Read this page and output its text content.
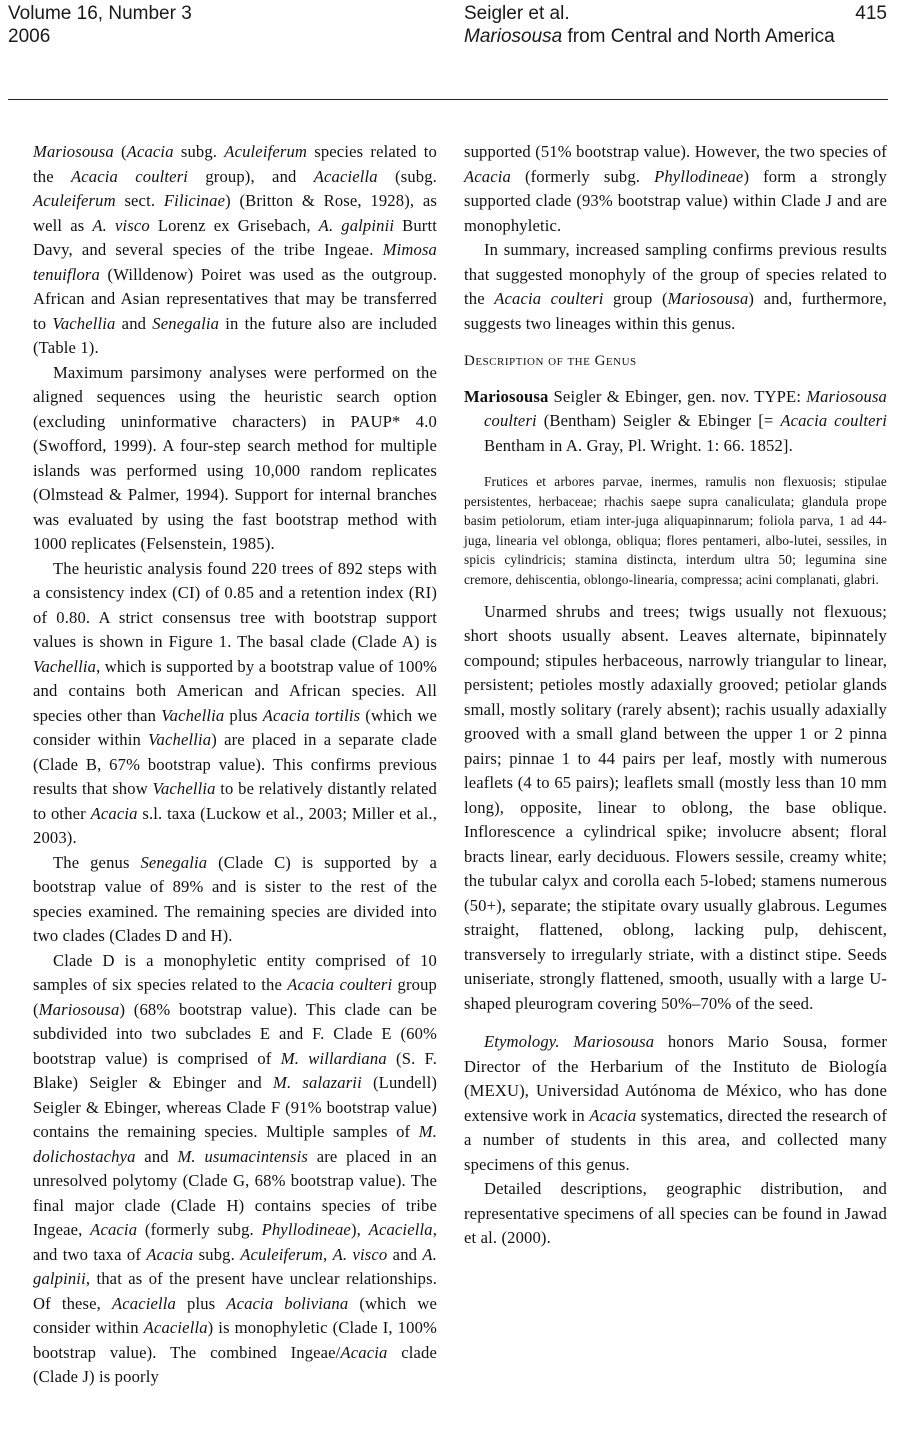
Volume 16, Number 3
2006
Seigler et al.	415
Mariosousa from Central and North America

Mariosousa (Acacia subg. Aculeiferum species related to the Acacia coulteri group), and Acaciella (subg. Aculeiferum sect. Filicinae) (Britton & Rose, 1928), as well as A. visco Lorenz ex Grisebach, A. galpinii Burtt Davy, and several species of the tribe Ingeae. Mimosa tenuiflora (Willdenow) Poiret was used as the outgroup. African and Asian representatives that may be transferred to Vachellia and Senegalia in the future also are included (Table 1).

Maximum parsimony analyses were performed on the aligned sequences using the heuristic search option (excluding uninformative characters) in PAUP* 4.0 (Swofford, 1999). A four-step search method for multiple islands was performed using 10,000 random replicates (Olmstead & Palmer, 1994). Support for internal branches was evaluated by using the fast bootstrap method with 1000 replicates (Felsenstein, 1985).

The heuristic analysis found 220 trees of 892 steps with a consistency index (CI) of 0.85 and a retention index (RI) of 0.80. A strict consensus tree with bootstrap support values is shown in Figure 1. The basal clade (Clade A) is Vachellia, which is supported by a bootstrap value of 100% and contains both American and African species. All species other than Vachellia plus Acacia tortilis (which we consider within Vachellia) are placed in a separate clade (Clade B, 67% bootstrap value). This confirms previous results that show Vachellia to be relatively distantly related to other Acacia s.l. taxa (Luckow et al., 2003; Miller et al., 2003).

The genus Senegalia (Clade C) is supported by a bootstrap value of 89% and is sister to the rest of the species examined. The remaining species are divided into two clades (Clades D and H).

Clade D is a monophyletic entity comprised of 10 samples of six species related to the Acacia coulteri group (Mariosousa) (68% bootstrap value). This clade can be subdivided into two subclades E and F. Clade E (60% bootstrap value) is comprised of M. willardiana (S. F. Blake) Seigler & Ebinger and M. salazarii (Lundell) Seigler & Ebinger, whereas Clade F (91% bootstrap value) contains the remaining species. Multiple samples of M. dolichostachya and M. usumacintensis are placed in an unresolved polytomy (Clade G, 68% bootstrap value). The final major clade (Clade H) contains species of tribe Ingeae, Acacia (formerly subg. Phyllodineae), Acaciella, and two taxa of Acacia subg. Aculeiferum, A. visco and A. galpinii, that as of the present have unclear relationships. Of these, Acaciella plus Acacia boliviana (which we consider within Acaciella) is monophyletic (Clade I, 100% bootstrap value). The combined Ingeae/Acacia clade (Clade J) is poorly

supported (51% bootstrap value). However, the two species of Acacia (formerly subg. Phyllodineae) form a strongly supported clade (93% bootstrap value) within Clade J and are monophyletic.

In summary, increased sampling confirms previous results that suggested monophyly of the group of species related to the Acacia coulteri group (Mariosousa) and, furthermore, suggests two lineages within this genus.

Description of the Genus

Mariosousa Seigler & Ebinger, gen. nov. TYPE: Mariosousa coulteri (Bentham) Seigler & Ebinger [= Acacia coulteri Bentham in A. Gray, Pl. Wright. 1: 66. 1852].

Frutices et arbores parvae, inermes, ramulis non flexuosis; stipulae persistentes, herbaceae; rhachis saepe supra canaliculata; glandula prope basim petiolorum, etiam inter-juga aliquapinnarum; foliola parva, 1 ad 44-juga, linearia vel oblonga, obliqua; flores pentameri, albo-lutei, sessiles, in spicis cylindricis; stamina distincta, interdum ultra 50; legumina sine cremore, dehiscentia, oblongo-linearia, compressa; acini complanati, glabri.

Unarmed shrubs and trees; twigs usually not flexuous; short shoots usually absent. Leaves alternate, bipinnately compound; stipules herbaceous, narrowly triangular to linear, persistent; petioles mostly adaxially grooved; petiolar glands small, mostly solitary (rarely absent); rachis usually adaxially grooved with a small gland between the upper 1 or 2 pinna pairs; pinnae 1 to 44 pairs per leaf, mostly with numerous leaflets (4 to 65 pairs); leaflets small (mostly less than 10 mm long), opposite, linear to oblong, the base oblique. Inflorescence a cylindrical spike; involucre absent; floral bracts linear, early deciduous. Flowers sessile, creamy white; the tubular calyx and corolla each 5-lobed; stamens numerous (50+), separate; the stipitate ovary usually glabrous. Legumes straight, flattened, oblong, lacking pulp, dehiscent, transversely to irregularly striate, with a distinct stipe. Seeds uniseriate, strongly flattened, smooth, usually with a large U-shaped pleurogram covering 50%–70% of the seed.

Etymology. Mariosousa honors Mario Sousa, former Director of the Herbarium of the Instituto de Biología (MEXU), Universidad Autónoma de México, who has done extensive work in Acacia systematics, directed the research of a number of students in this area, and collected many specimens of this genus.

Detailed descriptions, geographic distribution, and representative specimens of all species can be found in Jawad et al. (2000).
